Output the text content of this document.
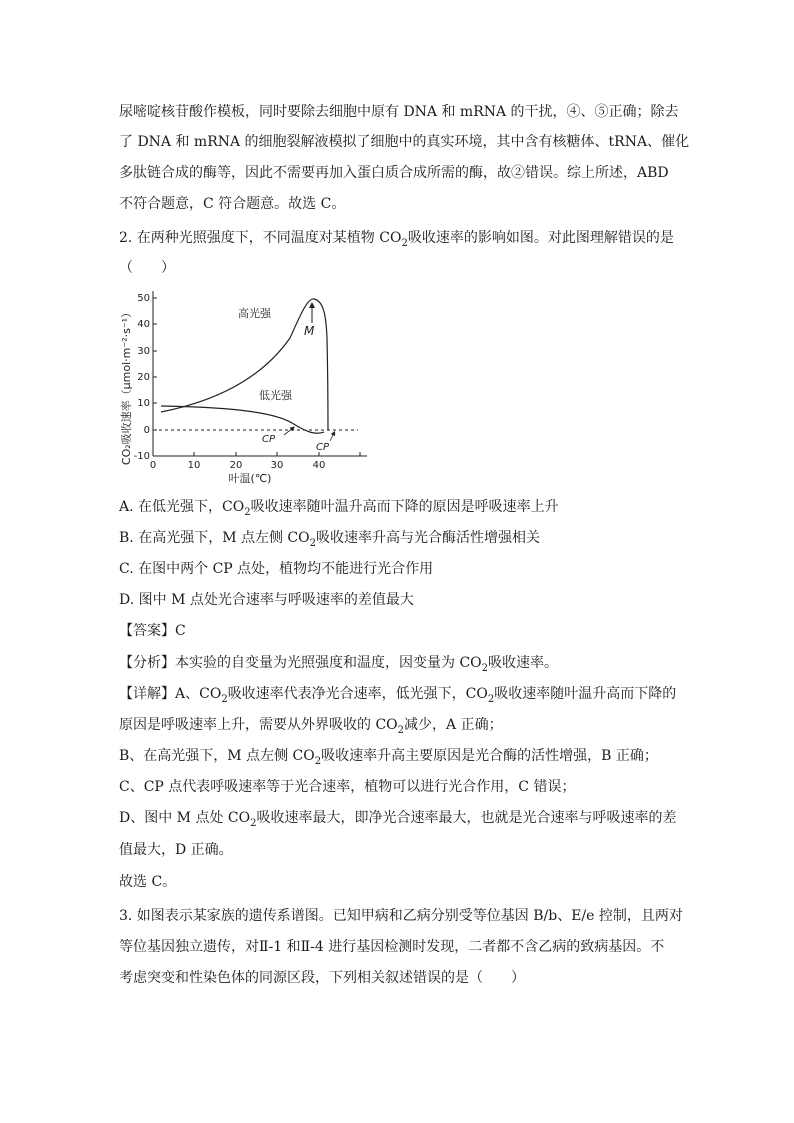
尿嘧啶核苷酸作模板，同时要除去细胞中原有 DNA 和 mRNA 的干扰，④、⑤正确；除去
了 DNA 和 mRNA 的细胞裂解液模拟了细胞中的真实环境，其中含有核糖体、tRNA、催化
多肽链合成的酶等，因此不需要再加入蛋白质合成所需的酶，故②错误。综上所述，ABD
不符合题意，C 符合题意。故选 C。
2. 在两种光照强度下，不同温度对某植物 $CO_2$吸收速率的影响如图。对此图理解错误的是
（　　）
CO₂吸收速率（μmol·m⁻²·s⁻¹）
50
40
30
20
10
0
-10
0	10	20	30	40
叶温(℃)
高光强
低光强
M
CP
CP
A. 在低光强下，$CO_2$吸收速率随叶温升高而下降的原因是呼吸速率上升
B. 在高光强下，M 点左侧 $CO_2$吸收速率升高与光合酶活性增强相关
C. 在图中两个 CP 点处，植物均不能进行光合作用
D. 图中 M 点处光合速率与呼吸速率的差值最大
【答案】C
【分析】本实验的自变量为光照强度和温度，因变量为 $CO_2$吸收速率。
【详解】A、$CO_2$吸收速率代表净光合速率，低光强下，$CO_2$吸收速率随叶温升高而下降的
原因是呼吸速率上升，需要从外界吸收的 $CO_2$减少，A 正确；
B、在高光强下，M 点左侧 $CO_2$吸收速率升高主要原因是光合酶的活性增强，B 正确；
C、CP 点代表呼吸速率等于光合速率，植物可以进行光合作用，C 错误；
D、图中 M 点处 $CO_2$吸收速率最大，即净光合速率最大，也就是光合速率与呼吸速率的差
值最大，D 正确。
故选 C。
3. 如图表示某家族的遗传系谱图。已知甲病和乙病分别受等位基因 B/b、E/e 控制，且两对
等位基因独立遗传，对Ⅱ-1 和Ⅱ-4 进行基因检测时发现，二者都不含乙病的致病基因。不
考虑突变和性染色体的同源区段，下列相关叙述错误的是（　　）
